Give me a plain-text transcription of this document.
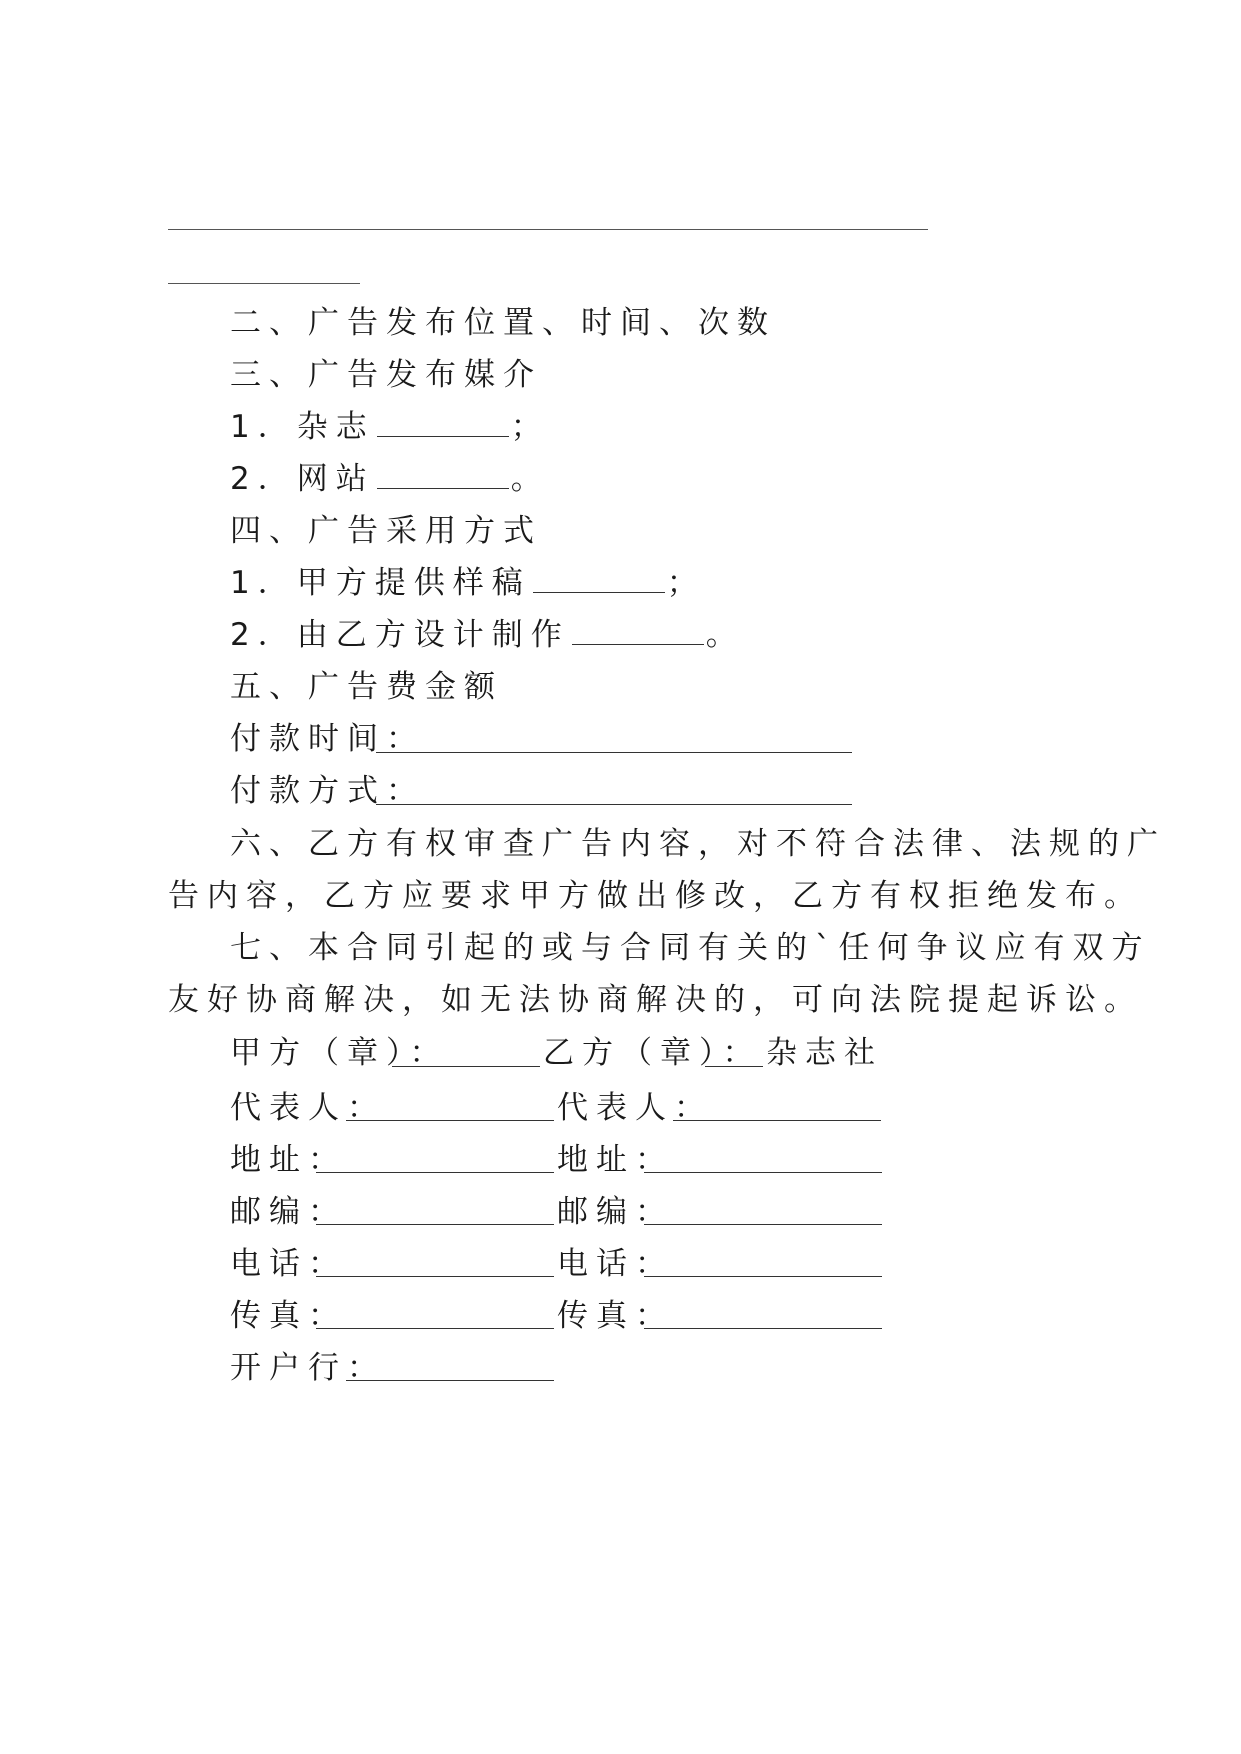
二、广告发布位置、时间、次数
三、广告发布媒介
1．杂志	；
2．网站	。
四、广告采用方式
1．甲方提供样稿	；
2．由乙方设计制作	。
五、广告费金额
付款时间：
付款方式：
六、乙方有权审查广告内容，对不符合法律、法规的广
告内容，乙方应要求甲方做出修改，乙方有权拒绝发布。
七、本合同引起的或与合同有关的`任何争议应有双方
友好协商解决，如无法协商解决的，可向法院提起诉讼。
甲方（章）：	乙方（章）： 杂志社
代表人：	代表人：
地址：	地址：
邮编：	邮编：
电话：	电话：
传真：	传真：
开户行：
